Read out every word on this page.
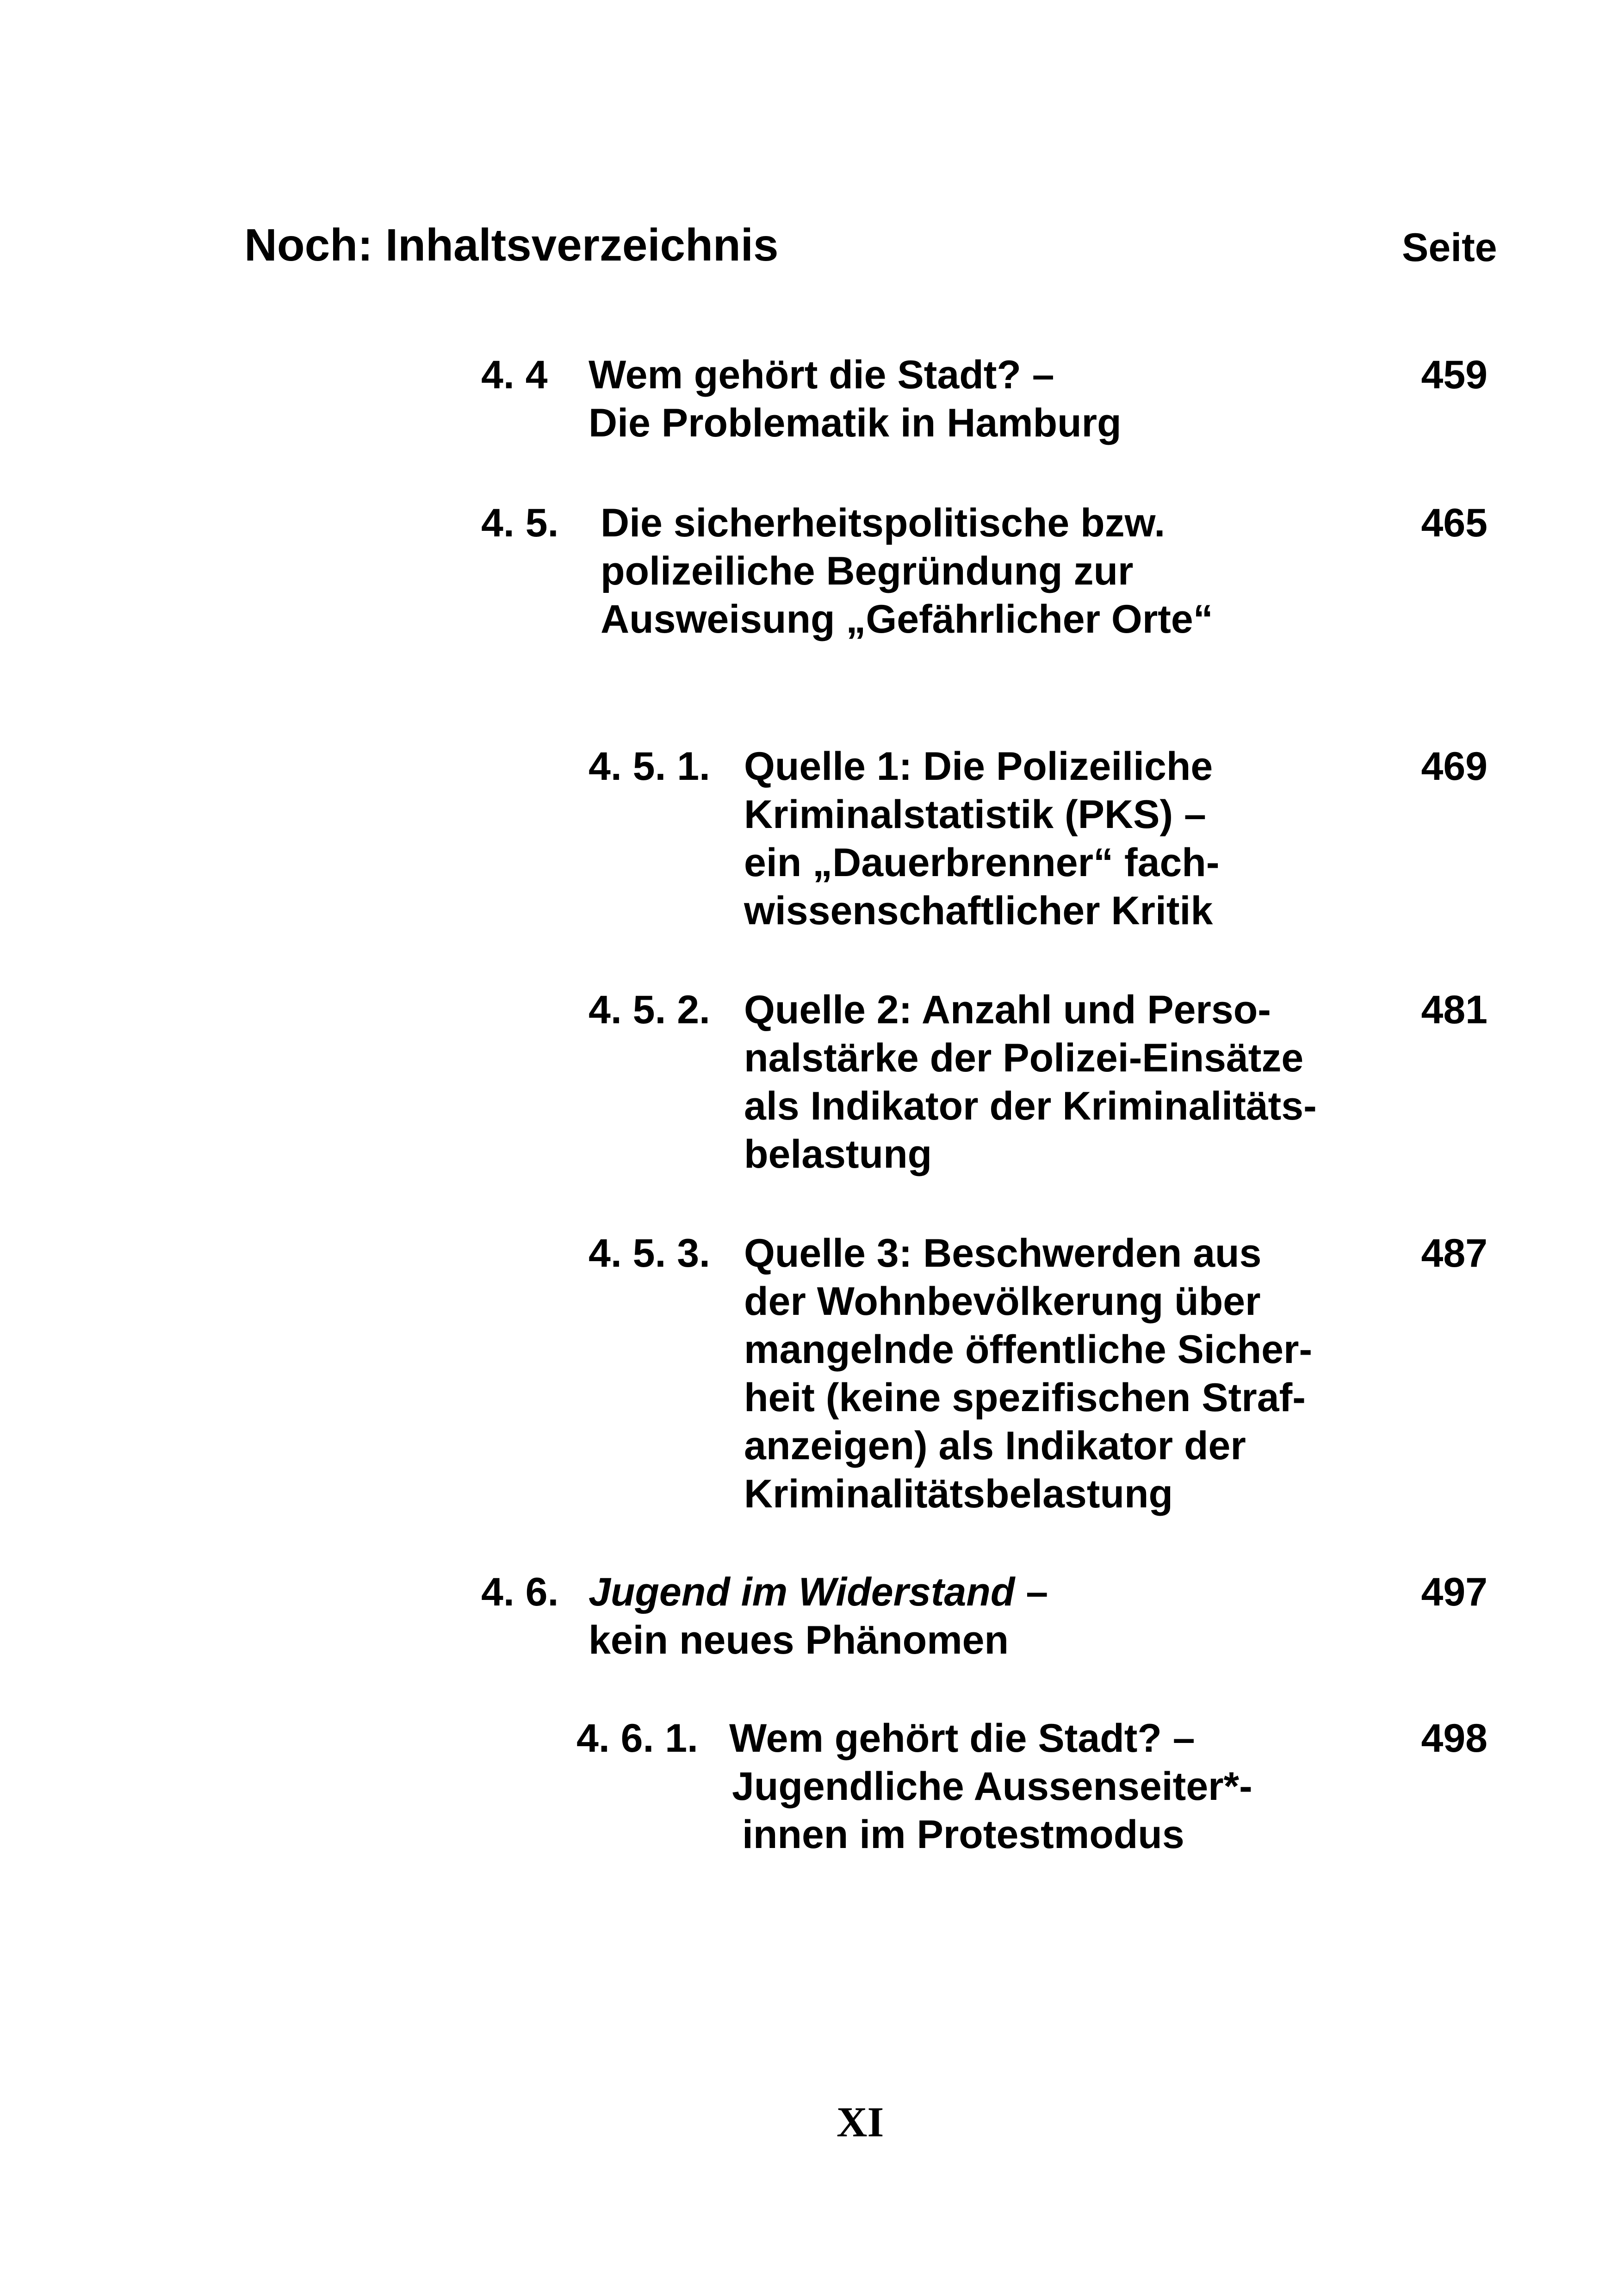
Noch: Inhaltsverzeichnis	Seite
4. 4 Wem gehört die Stadt? –
Die Problematik in Hamburg
459
4. 5. Die sicherheitspolitische bzw.
polizeiliche Begründung zur
Ausweisung „Gefährlicher Orte“
465
4. 5. 1. Quelle 1: Die Polizeiliche
Kriminalstatistik (PKS) –
ein „Dauerbrenner“ fach-
wissenschaftlicher Kritik
469
4. 5. 2. Quelle 2: Anzahl und Perso-
nalstärke der Polizei-Einsätze
als Indikator der Kriminalitäts-
belastung
481
4. 5. 3. Quelle 3: Beschwerden aus
der Wohnbevölkerung über
mangelnde öffentliche Sicher-
heit (keine spezifischen Straf-
anzeigen) als Indikator der
Kriminalitätsbelastung
487
4. 6. Jugend im Widerstand –
kein neues Phänomen
497
4. 6. 1. Wem gehört die Stadt? –
Jugendliche Aussenseiter*-
innen im Protestmodus
498
XI
